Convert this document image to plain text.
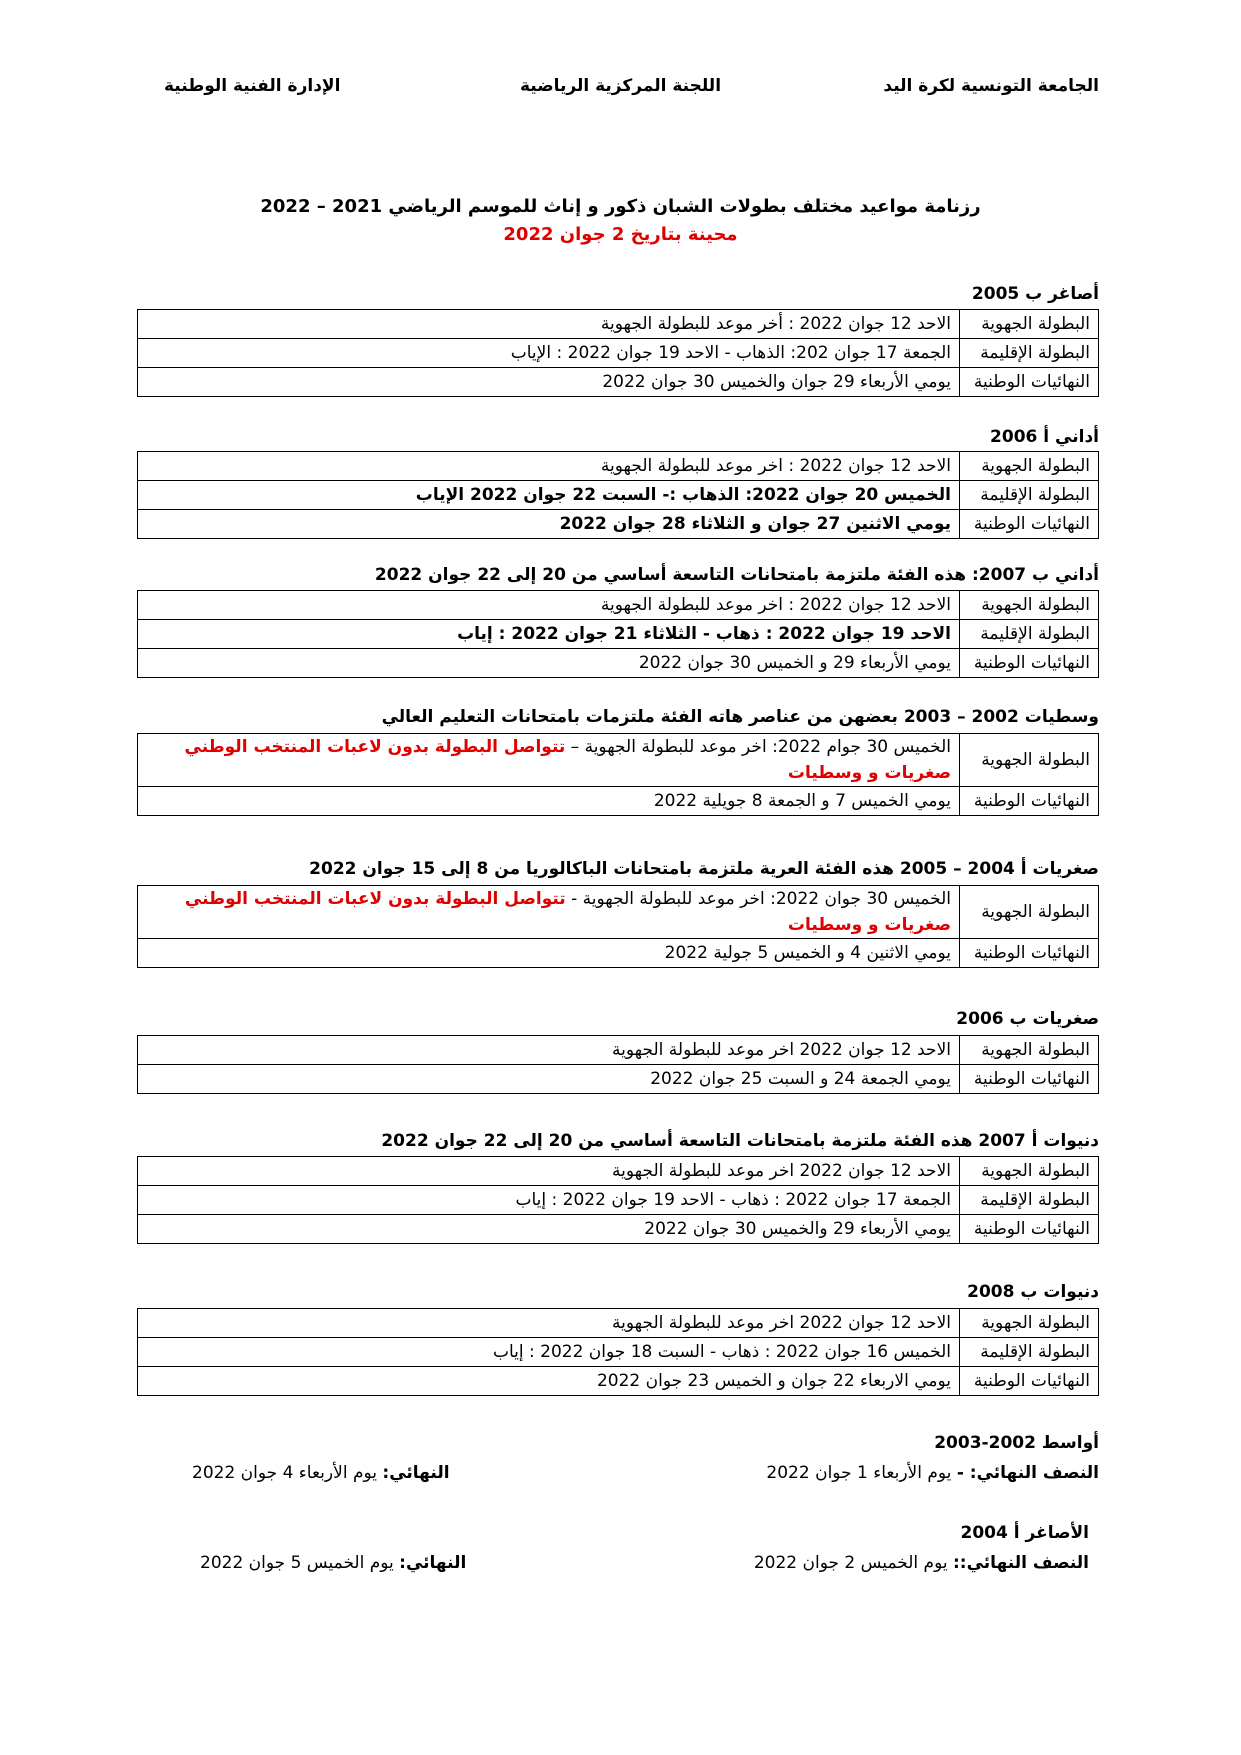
الجامعة التونسية لكرة اليد
اللجنة المركزية الرياضية
الإدارة الفنية الوطنية
رزنامة مواعيد مختلف بطولات الشبان ذكور و إناث للموسم الرياضي 2021 – 2022
محينة بتاريخ 2 جوان 2022
أصاغر ب 2005
البطولة الجهوية	الاحد 12 جوان 2022 : أخر موعد للبطولة الجهوية
البطولة الإقليمة	الجمعة 17 جوان 202: الذهاب - الاحد 19 جوان 2022 : الإياب
النهائيات الوطنية	يومي الأربعاء 29 جوان والخميس 30 جوان 2022
أداني أ 2006
البطولة الجهوية	الاحد 12 جوان 2022 : اخر موعد للبطولة الجهوية
البطولة الإقليمة	الخميس 20 جوان 2022: الذهاب :- السبت 22 جوان 2022 الإياب
النهائيات الوطنية	يومي الاثنين 27 جوان و الثلاثاء 28 جوان 2022
أداني ب 2007: هذه الفئة ملتزمة بامتحانات التاسعة أساسي من 20 إلى 22 جوان 2022
البطولة الجهوية	الاحد 12 جوان 2022 : اخر موعد للبطولة الجهوية
البطولة الإقليمة	الاحد 19 جوان 2022 : ذهاب - الثلاثاء 21 جوان 2022 : إياب
النهائيات الوطنية	يومي الأربعاء 29 و الخميس 30 جوان 2022
وسطيات 2002 – 2003 بعضهن من عناصر هاته الفئة ملتزمات بامتحانات التعليم العالي
البطولة الجهوية	الخميس 30 جوام 2022: اخر موعد للبطولة الجهوية – تتواصل البطولة بدون لاعبات المنتخب الوطني صغريات و وسطيات
النهائيات الوطنية	يومي الخميس 7 و الجمعة 8 جويلية 2022
صغريات أ 2004 – 2005 هذه الفئة العرية ملتزمة بامتحانات الباكالوريا من 8 إلى 15 جوان 2022
البطولة الجهوية	الخميس 30 جوان 2022: اخر موعد للبطولة الجهوية - تتواصل البطولة بدون لاعبات المنتخب الوطني صغريات و وسطيات
النهائيات الوطنية	يومي الاثنين 4 و الخميس 5 جولية 2022
صغريات ب 2006
البطولة الجهوية	الاحد 12 جوان 2022 اخر موعد للبطولة الجهوية
النهائيات الوطنية	يومي الجمعة 24 و السبت 25 جوان 2022
دنيوات أ 2007 هذه الفئة ملتزمة بامتحانات التاسعة أساسي من 20 إلى 22 جوان 2022
البطولة الجهوية	الاحد 12 جوان 2022 اخر موعد للبطولة الجهوية
البطولة الإقليمة	الجمعة 17 جوان 2022 : ذهاب - الاحد 19 جوان 2022 : إياب
النهائيات الوطنية	يومي الأربعاء 29 والخميس 30 جوان 2022
دنيوات ب 2008
البطولة الجهوية	الاحد 12 جوان 2022 اخر موعد للبطولة الجهوية
البطولة الإقليمة	الخميس 16 جوان 2022 : ذهاب - السبت 18 جوان 2022 : إياب
النهائيات الوطنية	يومي الاربعاء 22 جوان و الخميس 23 جوان 2022
أواسط 2002-2003
النصف النهائي: - يوم الأربعاء 1 جوان 2022
النهائي: يوم الأربعاء 4 جوان 2022
الأصاغر أ 2004
النصف النهائي:: يوم الخميس 2 جوان 2022
النهائي: يوم الخميس 5 جوان 2022
